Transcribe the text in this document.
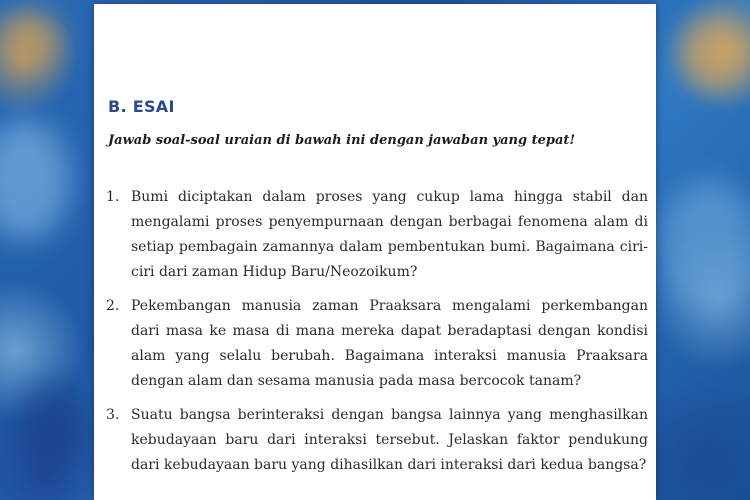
B. ESAI

Jawab soal-soal uraian di bawah ini dengan jawaban yang tepat!

1. Bumi diciptakan dalam proses yang cukup lama hingga stabil dan mengalami proses penyempurnaan dengan berbagai fenomena alam di setiap pembagain zamannya dalam pembentukan bumi. Bagaimana ciri-ciri dari zaman Hidup Baru/Neozoikum?

2. Pekembangan manusia zaman Praaksara mengalami perkembangan dari masa ke masa di mana mereka dapat beradaptasi dengan kondisi alam yang selalu berubah. Bagaimana interaksi manusia Praaksara dengan alam dan sesama manusia pada masa bercocok tanam?

3. Suatu bangsa berinteraksi dengan bangsa lainnya yang menghasilkan kebudayaan baru dari interaksi tersebut. Jelaskan faktor pendukung dari kebudayaan baru yang dihasilkan dari interaksi dari kedua bangsa?
